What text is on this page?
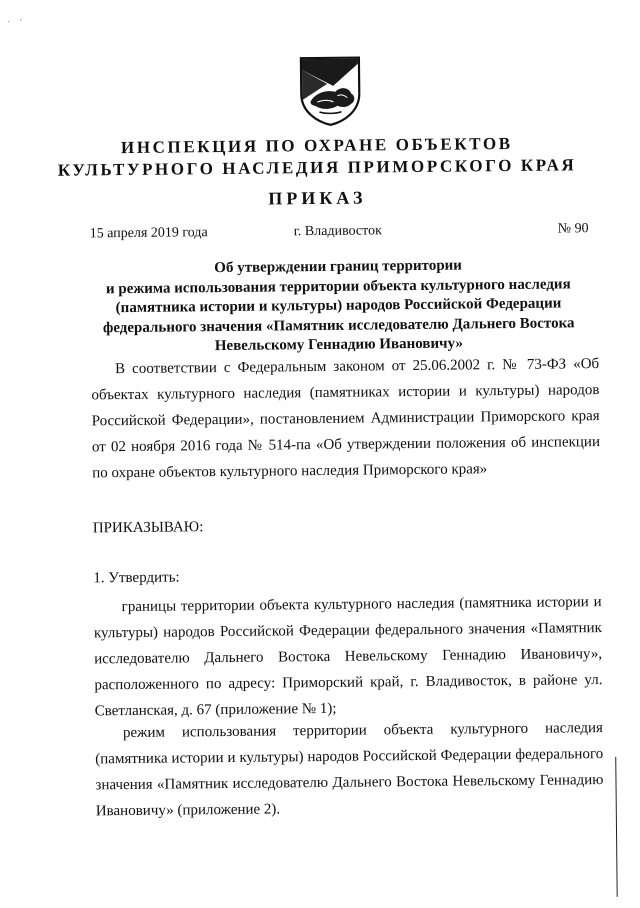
·     '
ИНСПЕКЦИЯ ПО ОХРАНЕ ОБЪЕКТОВ
КУЛЬТУРНОГО НАСЛЕДИЯ ПРИМОРСКОГО КРАЯ
ПРИКАЗ
15 апреля 2019 года	г. Владивосток	№ 90
Об утверждении границ территории
и режима использования территории объекта культурного наследия
(памятника истории и культуры) народов Российской Федерации
федерального значения «Памятник исследователю Дальнего Востока
Невельскому Геннадию Ивановичу»
В соответствии с Федеральным законом от 25.06.2002 г. № 73-ФЗ «Об объектах культурного наследия (памятниках истории и культуры) народов Российской Федерации», постановлением Администрации Приморского края от 02 ноября 2016 года № 514-па «Об утверждении положения об инспекции по охране объектов культурного наследия Приморского края»
ПРИКАЗЫВАЮ:
1. Утвердить:
границы территории объекта культурного наследия (памятника истории и культуры) народов Российской Федерации федерального значения «Памятник исследователю Дальнего Востока Невельскому Геннадию Ивановичу», расположенного по адресу: Приморский край, г. Владивосток, в районе ул. Светланская, д. 67 (приложение № 1);
режим использования территории объекта культурного наследия (памятника истории и культуры) народов Российской Федерации федерального значения «Памятник исследователю Дальнего Востока Невельскому Геннадию Ивановичу» (приложение 2).
